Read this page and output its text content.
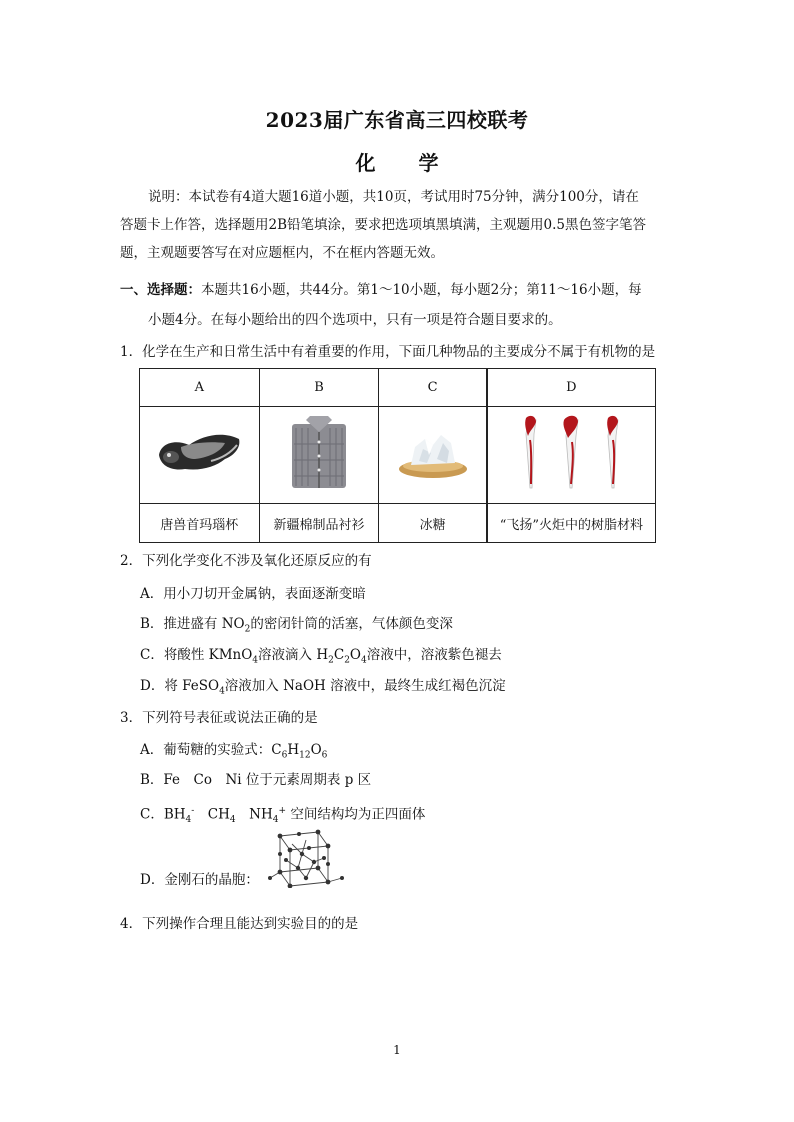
2023届广东省高三四校联考
化 学
说明：本试卷有4道大题16道小题，共10页，考试用时75分钟，满分100分，请在
答题卡上作答，选择题用2B铅笔填涂，要求把选项填黑填满，主观题用0.5黑色签字笔答
题，主观题要答写在对应题框内，不在框内答题无效。
一、选择题：本题共16小题，共44分。第1～10小题，每小题2分；第11～16小题，每
小题4分。在每小题给出的四个选项中，只有一项是符合题目要求的。
1．化学在生产和日常生活中有着重要的作用，下面几种物品的主要成分不属于有机物的是
A	B	C	D

唐兽首玛瑙杯	新疆棉制品衬衫	冰糖	“飞扬”火炬中的树脂材料
2．下列化学变化不涉及氧化还原反应的有
A．用小刀切开金属钠，表面逐渐变暗
B．推进盛有 $NO_2$的密闭针筒的活塞，气体颜色变深
C．将酸性 KMnO$_4$溶液滴入 $H_2C_2O_4$溶液中，溶液紫色褪去
D．将 FeSO$_4$溶液加入 NaOH 溶液中，最终生成红褐色沉淀
3．下列符号表征或说法正确的是
A．葡萄糖的实验式：$C_6H_{12}O_6$
B．Fe　Co　Ni 位于元素周期表 p 区
C．$BH_4^-$　$CH_4$　$NH_4^+$ 空间结构均为正四面体
D．金刚石的晶胞：
4．下列操作合理且能达到实验目的的是
1
